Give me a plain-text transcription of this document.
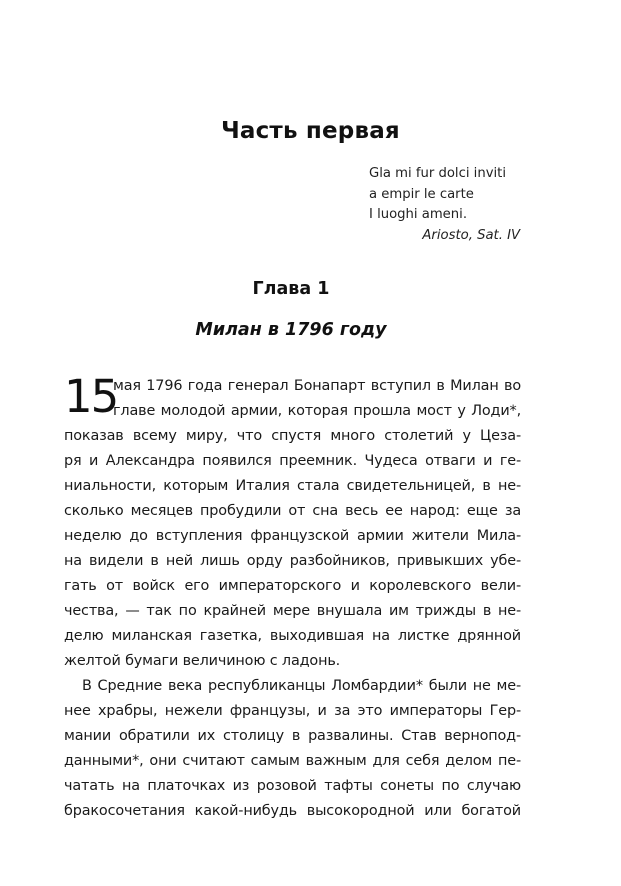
Часть первая
Gla mi fur dolci inviti
a empir le carte
I luoghi ameni.
Ariosto, Sat. IV
Глава 1
Милан в 1796 году
15
мая 1796 года генерал Бонапарт вступил в Милан во
главе молодой армии, которая прошла мост у Лоди*,
показав всему миру, что спустя много столетий у Цеза-
ря и Александра появился преемник. Чудеса отваги и ге-
ниальности, которым Италия стала свидетельницей, в не-
сколько месяцев пробудили от сна весь ее народ: еще за
неделю до вступления французской армии жители Мила-
на видели в ней лишь орду разбойников, привыкших убе-
гать от войск его императорского и королевского вели-
чества, — так по крайней мере внушала им трижды в не-
делю миланская газетка, выходившая на листке дрянной
желтой бумаги величиною с ладонь.
В Средние века республиканцы Ломбардии* были не ме-
нее храбры, нежели французы, и за это императоры Гер-
мании обратили их столицу в развалины. Став вернопод-
данными*, они считают самым важным для себя делом пе-
чатать на платочках из розовой тафты сонеты по случаю
бракосочетания какой-нибудь высокородной или богатой
